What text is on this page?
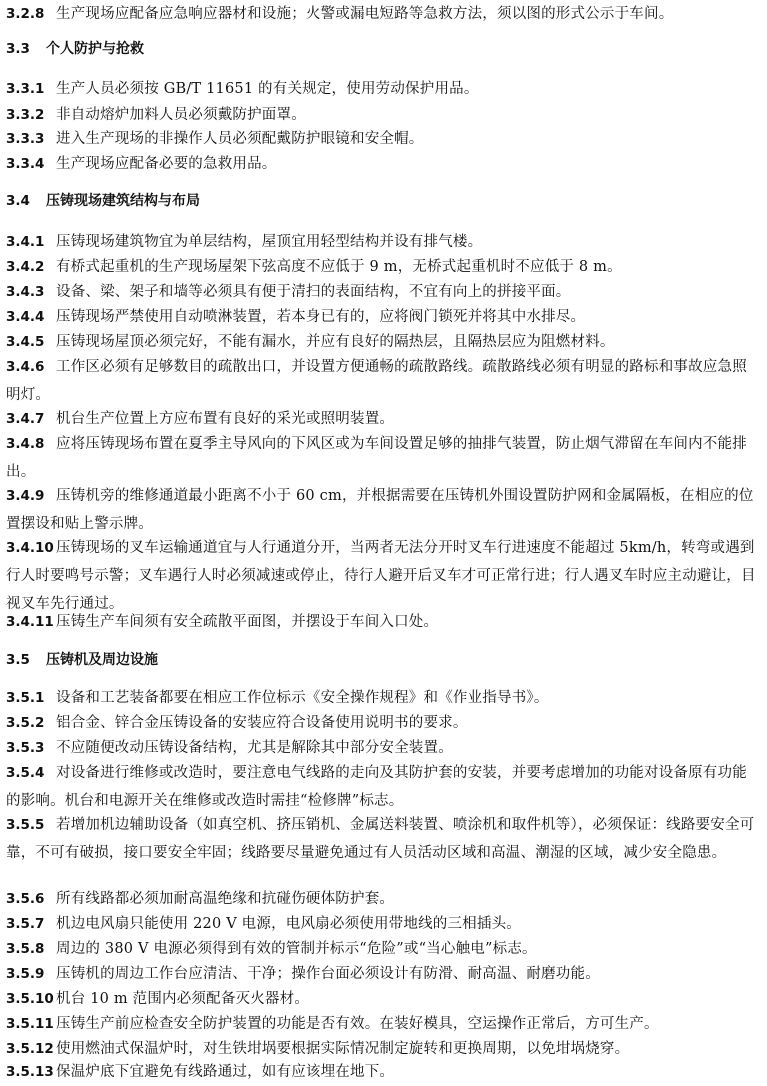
3.2.8 生产现场应配备应急响应器材和设施；火警或漏电短路等急救方法，须以图的形式公示于车间。
3.3 个人防护与抢救
3.3.1 生产人员必须按 GB/T 11651 的有关规定，使用劳动保护用品。
3.3.2 非自动熔炉加料人员必须戴防护面罩。
3.3.3 进入生产现场的非操作人员必须配戴防护眼镜和安全帽。
3.3.4 生产现场应配备必要的急救用品。
3.4 压铸现场建筑结构与布局
3.4.1 压铸现场建筑物宜为单层结构，屋顶宜用轻型结构并设有排气楼。
3.4.2 有桥式起重机的生产现场屋架下弦高度不应低于 9 m，无桥式起重机时不应低于 8 m。
3.4.3 设备、梁、架子和墙等必须具有便于清扫的表面结构，不宜有向上的拼接平面。
3.4.4 压铸现场严禁使用自动喷淋装置，若本身已有的，应将阀门锁死并将其中水排尽。
3.4.5 压铸现场屋顶必须完好，不能有漏水，并应有良好的隔热层，且隔热层应为阻燃材料。
3.4.6 工作区必须有足够数目的疏散出口，并设置方便通畅的疏散路线。疏散路线必须有明显的路标和事故应急照明灯。
3.4.7 机台生产位置上方应布置有良好的采光或照明装置。
3.4.8 应将压铸现场布置在夏季主导风向的下风区或为车间设置足够的抽排气装置，防止烟气滞留在车间内不能排出。
3.4.9 压铸机旁的维修通道最小距离不小于 60 cm，并根据需要在压铸机外围设置防护网和金属隔板，在相应的位置摆设和贴上警示牌。
3.4.10 压铸现场的叉车运输通道宜与人行通道分开，当两者无法分开时叉车行进速度不能超过 5km/h，转弯或遇到行人时要鸣号示警；叉车遇行人时必须减速或停止，待行人避开后叉车才可正常行进；行人遇叉车时应主动避让，目视叉车先行通过。
3.4.11 压铸生产车间须有安全疏散平面图，并摆设于车间入口处。
3.5 压铸机及周边设施
3.5.1 设备和工艺装备都要在相应工作位标示《安全操作规程》和《作业指导书》。
3.5.2 铝合金、锌合金压铸设备的安装应符合设备使用说明书的要求。
3.5.3 不应随便改动压铸设备结构，尤其是解除其中部分安全装置。
3.5.4 对设备进行维修或改造时，要注意电气线路的走向及其防护套的安装，并要考虑增加的功能对设备原有功能的影响。机台和电源开关在维修或改造时需挂“检修牌”标志。
3.5.5 若增加机边辅助设备（如真空机、挤压销机、金属送料装置、喷涂机和取件机等），必须保证：线路要安全可靠，不可有破损，接口要安全牢固；线路要尽量避免通过有人员活动区域和高温、潮湿的区域，减少安全隐患。
3.5.6 所有线路都必须加耐高温绝缘和抗碰伤硬体防护套。
3.5.7 机边电风扇只能使用 220 V 电源，电风扇必须使用带地线的三相插头。
3.5.8 周边的 380 V 电源必须得到有效的管制并标示“危险”或“当心触电”标志。
3.5.9 压铸机的周边工作台应清洁、干净；操作台面必须设计有防滑、耐高温、耐磨功能。
3.5.10 机台 10 m 范围内必须配备灭火器材。
3.5.11 压铸生产前应检查安全防护装置的功能是否有效。在装好模具，空运操作正常后，方可生产。
3.5.12 使用燃油式保温炉时，对生铁坩埚要根据实际情况制定旋转和更换周期，以免坩埚烧穿。
3.5.13 保温炉底下宜避免有线路通过，如有应该埋在地下。
